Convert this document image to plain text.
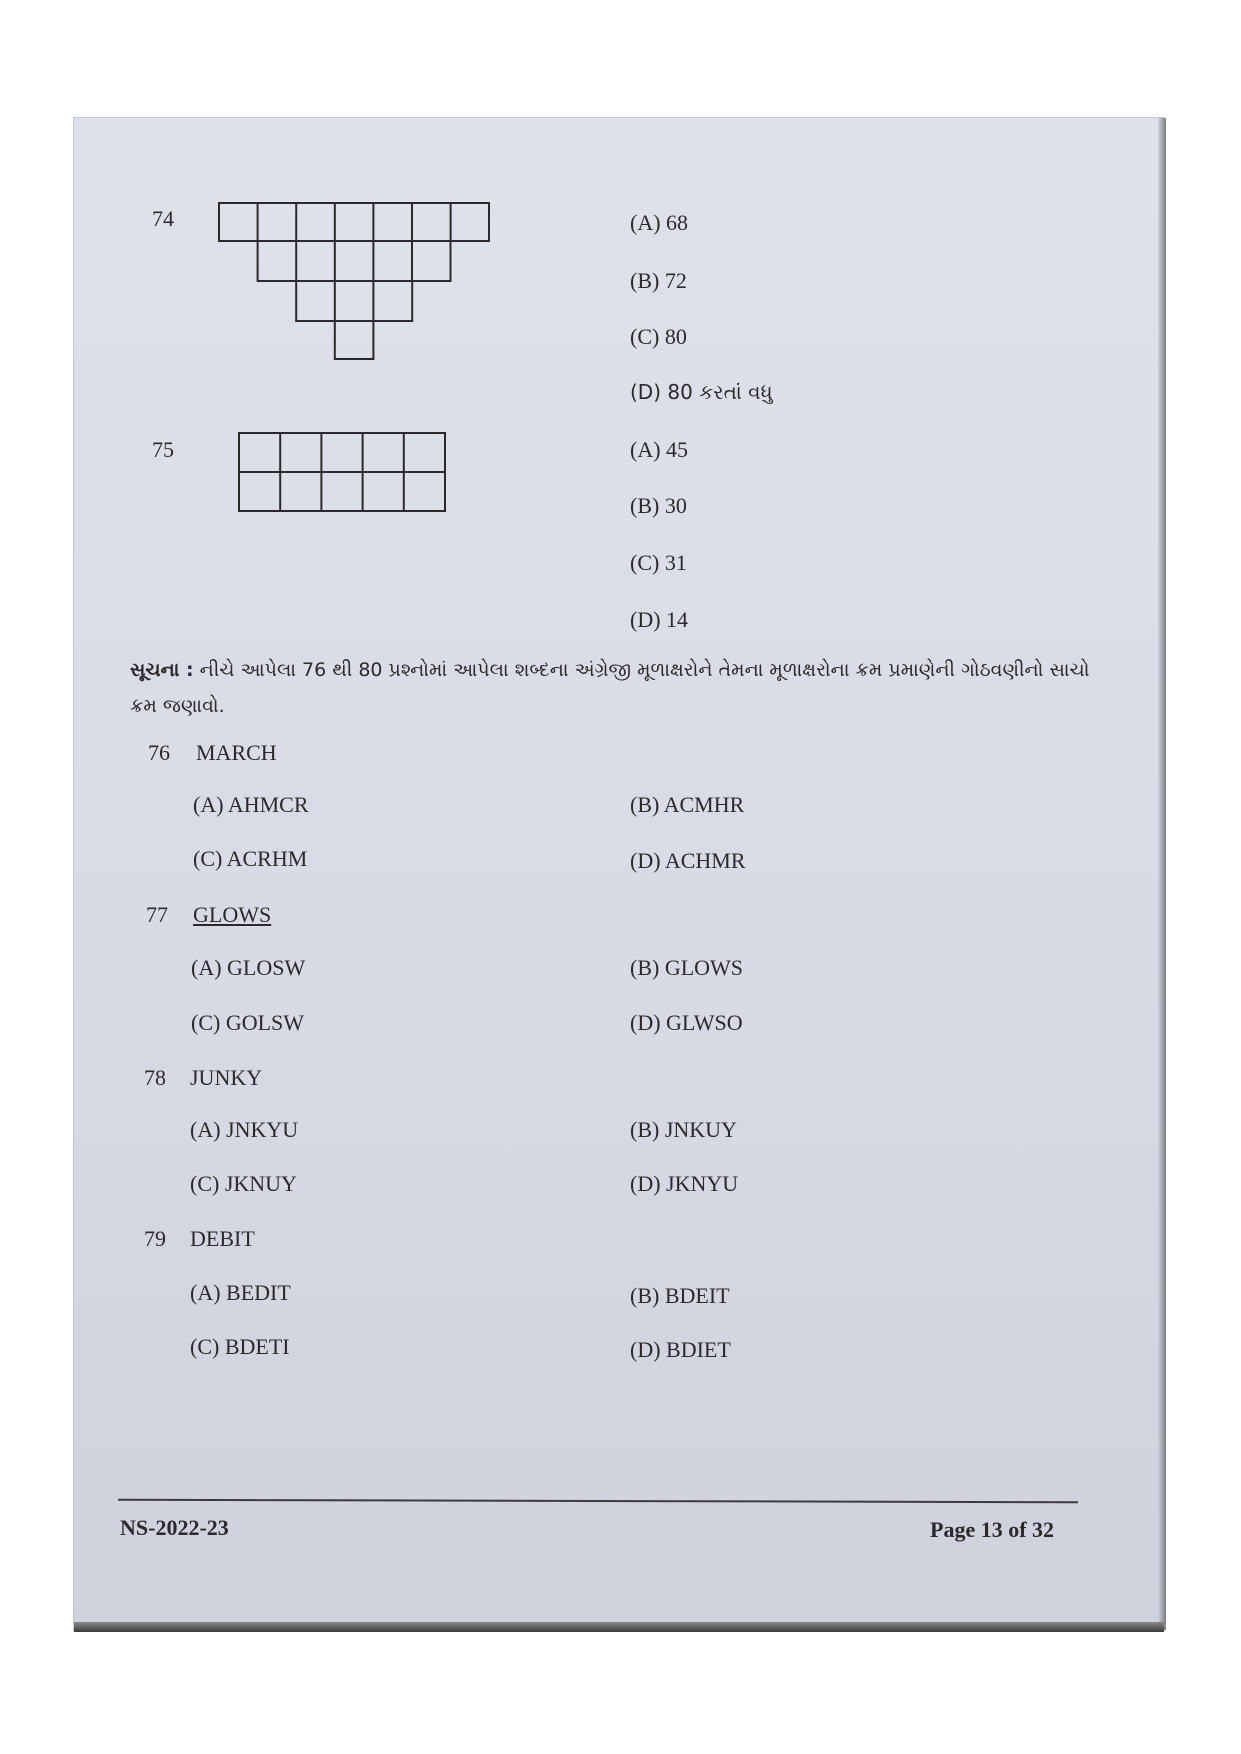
74	(A) 68
(B) 72
(C) 80
(D) 80 કરતાં વધુ
75	(A) 45
(B) 30
(C) 31
(D) 14
સૂચના : નીચે આપેલા 76 થી 80 પ્રશ્નોમાં આપેલા શબ્દના અંગ્રેજી મૂળાક્ષરોને તેમના મૂળાક્ષરોના ક્રમ પ્રમાણેની ગોઠવણીનો સાચો ક્રમ જણાવો.
76 MARCH
(A) AHMCR	(B) ACMHR
(C) ACRHM	(D) ACHMR
77 GLOWS
(A) GLOSW	(B) GLOWS
(C) GOLSW	(D) GLWSO
78 JUNKY
(A) JNKYU	(B) JNKUY
(C) JKNUY	(D) JKNYU
79 DEBIT
(A) BEDIT	(B) BDEIT
(C) BDETI	(D) BDIET
NS-2022-23	Page 13 of 32
